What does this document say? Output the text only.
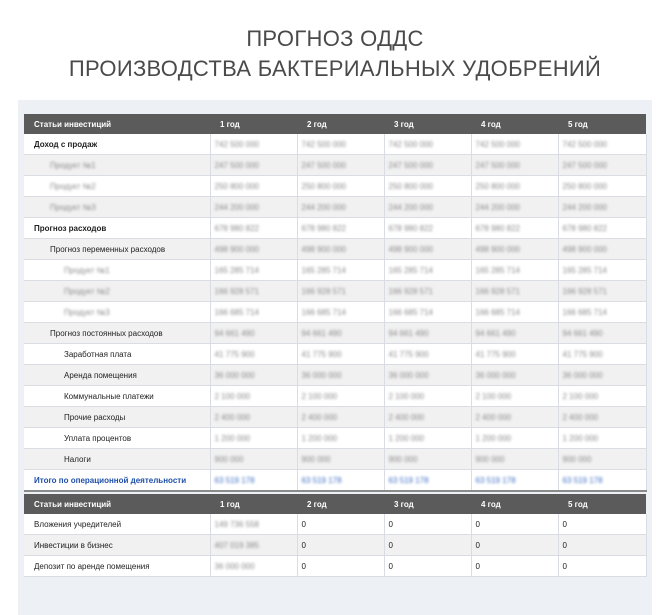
ПРОГНОЗ ОДДС
ПРОИЗВОДСТВА БАКТЕРИАЛЬНЫХ УДОБРЕНИЙ
Статьи инвестиций	1 год	2 год	3 год	4 год	5 год
Доход с продаж	742 500 000	742 500 000	742 500 000	742 500 000	742 500 000
Продукт №1	247 500 000	247 500 000	247 500 000	247 500 000	247 500 000
Продукт №2	250 800 000	250 800 000	250 800 000	250 800 000	250 800 000
Продукт №3	244 200 000	244 200 000	244 200 000	244 200 000	244 200 000
Прогноз расходов	678 980 822	678 980 822	678 980 822	678 980 822	678 980 822
Прогноз переменных расходов	498 900 000	498 900 000	498 900 000	498 900 000	498 900 000
Продукт №1	165 285 714	165 285 714	165 285 714	165 285 714	165 285 714
Продукт №2	166 928 571	166 928 571	166 928 571	166 928 571	166 928 571
Продукт №3	166 685 714	166 685 714	166 685 714	166 685 714	166 685 714
Прогноз постоянных расходов	94 661 490	94 661 490	94 661 490	94 661 490	94 661 490
Заработная плата	41 775 900	41 775 900	41 775 900	41 775 900	41 775 900
Аренда помещения	36 000 000	36 000 000	36 000 000	36 000 000	36 000 000
Коммунальные платежи	2 100 000	2 100 000	2 100 000	2 100 000	2 100 000
Прочие расходы	2 400 000	2 400 000	2 400 000	2 400 000	2 400 000
Уплата процентов	1 200 000	1 200 000	1 200 000	1 200 000	1 200 000
Налоги	900 000	900 000	900 000	900 000	900 000
Итого по операционной деятельности	63 519 178	63 519 178	63 519 178	63 519 178	63 519 178
Статьи инвестиций	1 год	2 год	3 год	4 год	5 год
Вложения учредителей	149 736 558	0	0	0	0
Инвестиции в бизнес	407 019 385	0	0	0	0
Депозит по аренде помещения	36 000 000	0	0	0	0
